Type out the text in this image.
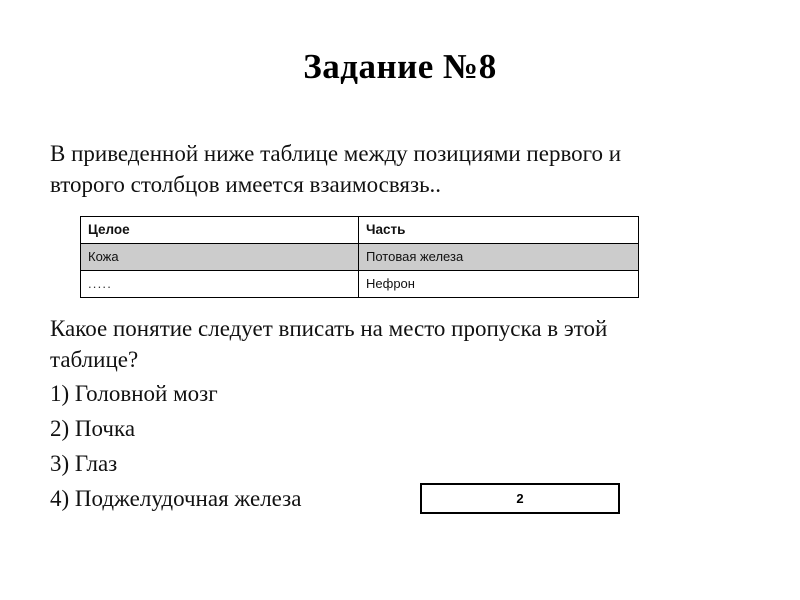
Задание №8
В приведенной ниже таблице между позициями первого и второго столбцов имеется взаимосвязь..
Целое	Часть
Кожа	Потовая железа
.....	Нефрон
Какое понятие следует вписать на место пропуска в этой таблице?
1) Головной мозг
2) Почка
3) Глаз
4) Поджелудочная железа	2
